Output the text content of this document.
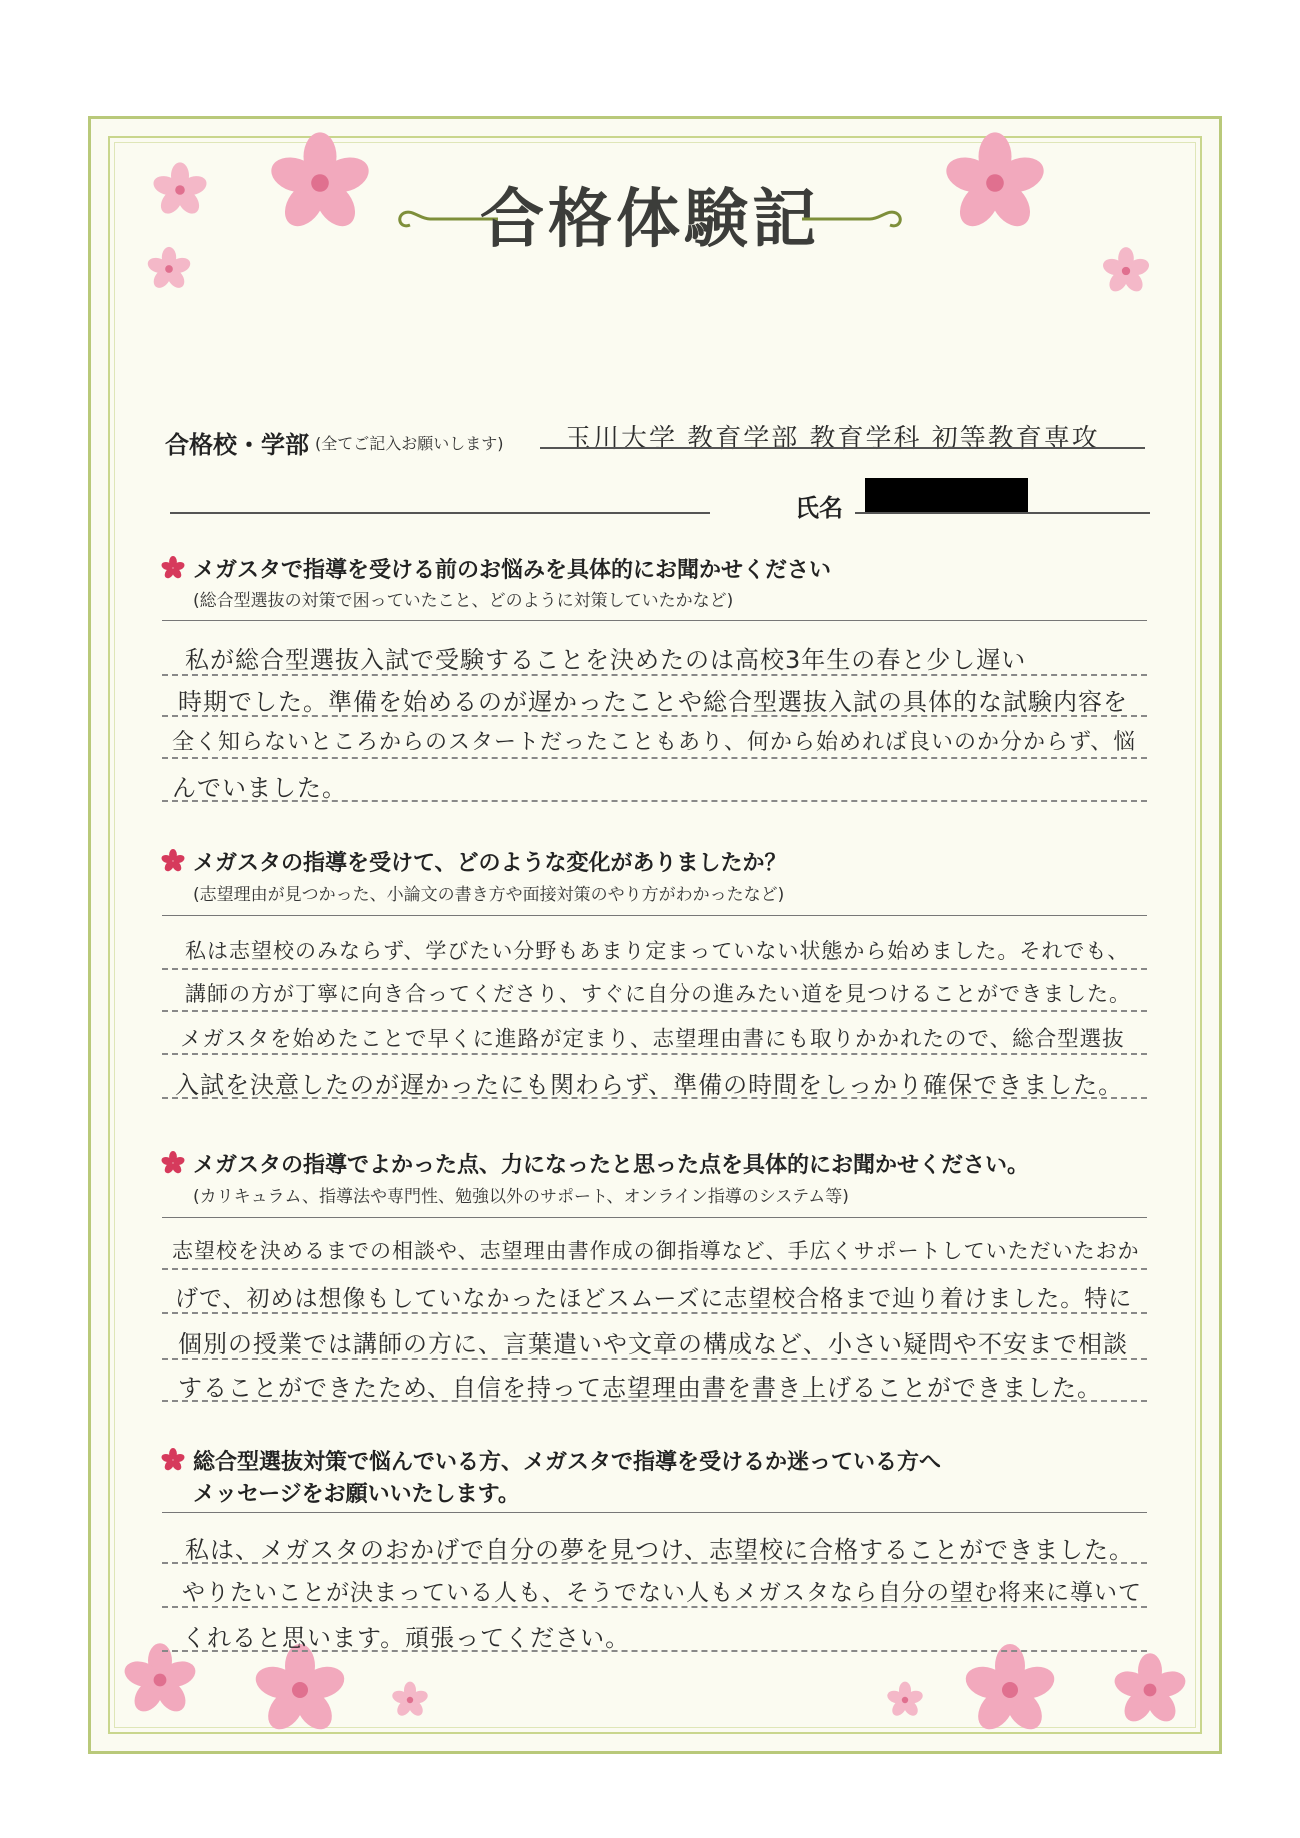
合格体験記
合格校・学部 (全てご記入お願いします) 玉川大学 教育学部 教育学科 初等教育専攻
氏名
メガスタで指導を受ける前のお悩みを具体的にお聞かせください
(総合型選抜の対策で困っていたこと、どのように対策していたかなど)
私が総合型選抜入試で受験することを決めたのは高校3年生の春と少し遅い
時期でした。準備を始めるのが遅かったことや総合型選抜入試の具体的な試験内容を
全く知らないところからのスタートだったこともあり、何から始めれば良いのか分からず、悩
んでいました。
メガスタの指導を受けて、どのような変化がありましたか？
(志望理由が見つかった、小論文の書き方や面接対策のやり方がわかったなど)
私は志望校のみならず、学びたい分野もあまり定まっていない状態から始めました。それでも、
講師の方が丁寧に向き合ってくださり、すぐに自分の進みたい道を見つけることができました。
メガスタを始めたことで早くに進路が定まり、志望理由書にも取りかかれたので、総合型選抜
入試を決意したのが遅かったにも関わらず、準備の時間をしっかり確保できました。
メガスタの指導でよかった点、力になったと思った点を具体的にお聞かせください。
(カリキュラム、指導法や専門性、勉強以外のサポート、オンライン指導のシステム等)
志望校を決めるまでの相談や、志望理由書作成の御指導など、手広くサポートしていただいたおか
げで、初めは想像もしていなかったほどスムーズに志望校合格まで辿り着けました。特に
個別の授業では講師の方に、言葉遣いや文章の構成など、小さい疑問や不安まで相談
することができたため、自信を持って志望理由書を書き上げることができました。
総合型選抜対策で悩んでいる方、メガスタで指導を受けるか迷っている方へ
メッセージをお願いいたします。
私は、メガスタのおかげで自分の夢を見つけ、志望校に合格することができました。
やりたいことが決まっている人も、そうでない人もメガスタなら自分の望む将来に導いて
くれると思います。頑張ってください。
